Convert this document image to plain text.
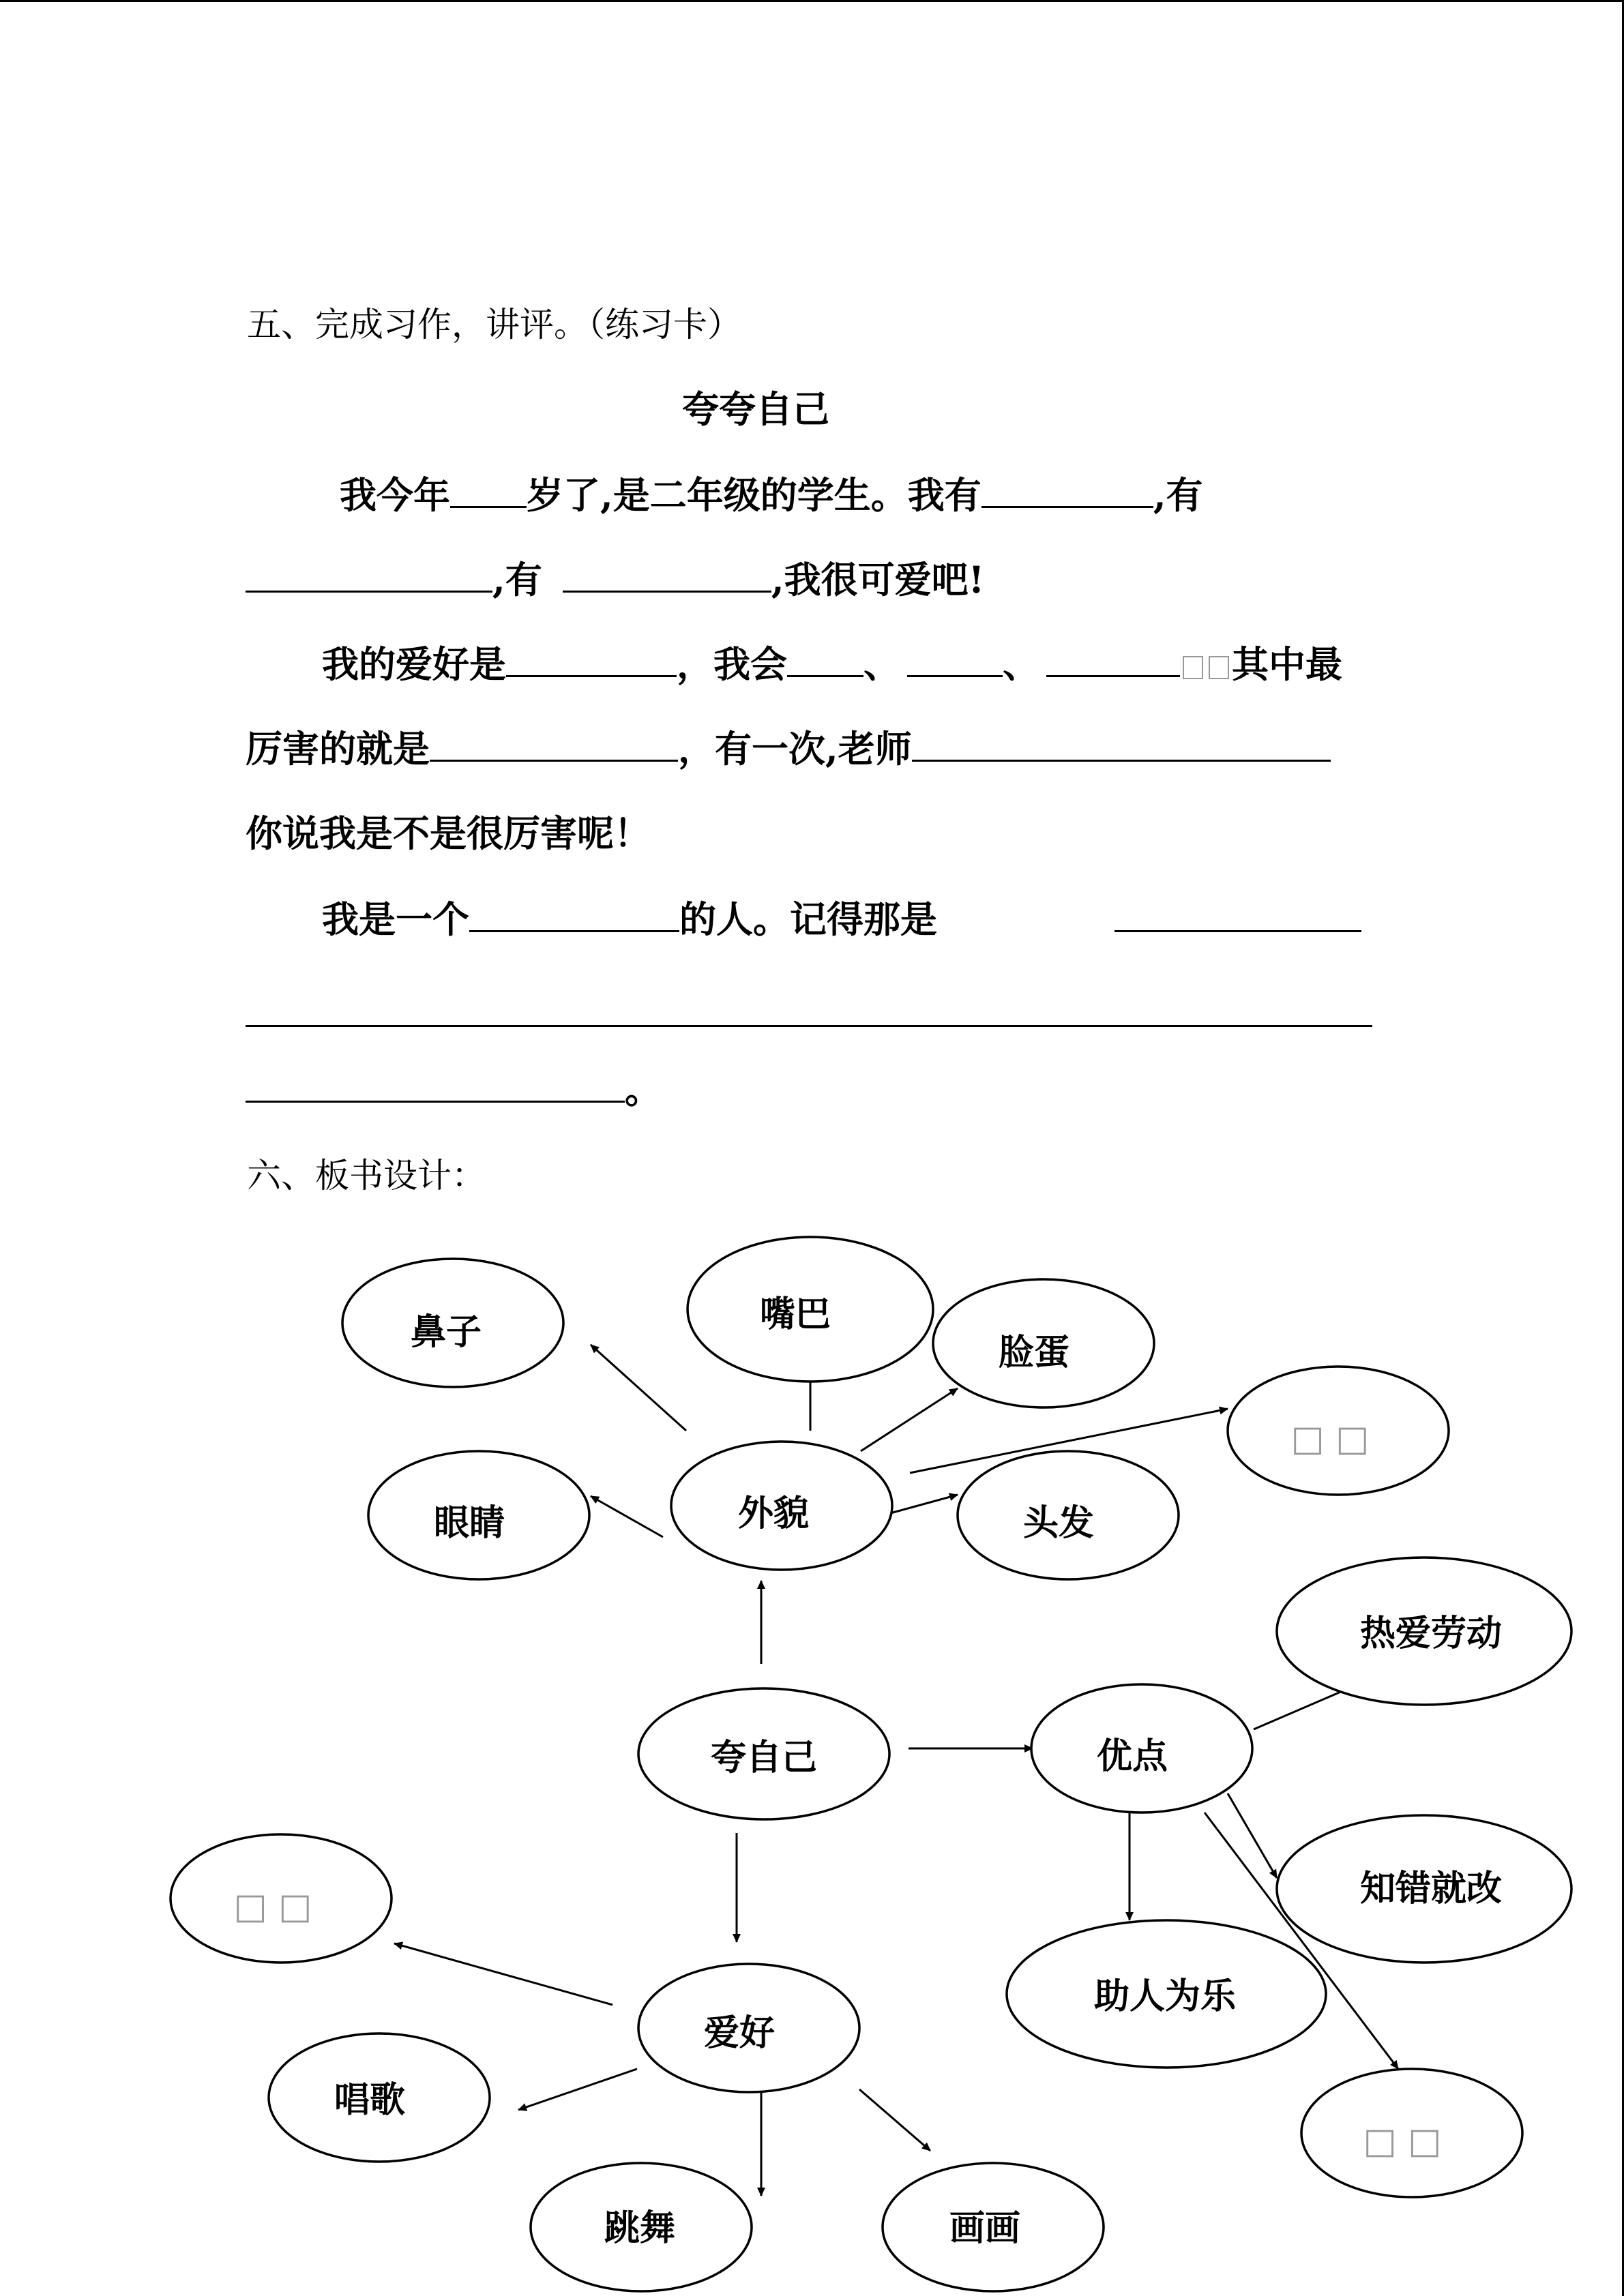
五、完成习作，讲评。（练习卡）
夸夸自己
我今年 岁了,是二年级的学生。我有	,有
,有	,我很可爱吧!
我的爱好是	，我会 、	、	其中最
厉害的就是	，有一次,老师
你说我是不是很厉害呢！
我是一个	的人。记得那是
。
六、板书设计：
鼻子	嘴巴
脸蛋
□ □
眼睛	外貌	头发
热爱劳动
夸自己	优点
知错就改
□ □
助人为乐
爱好
唱歌
□ □
跳舞	画画
